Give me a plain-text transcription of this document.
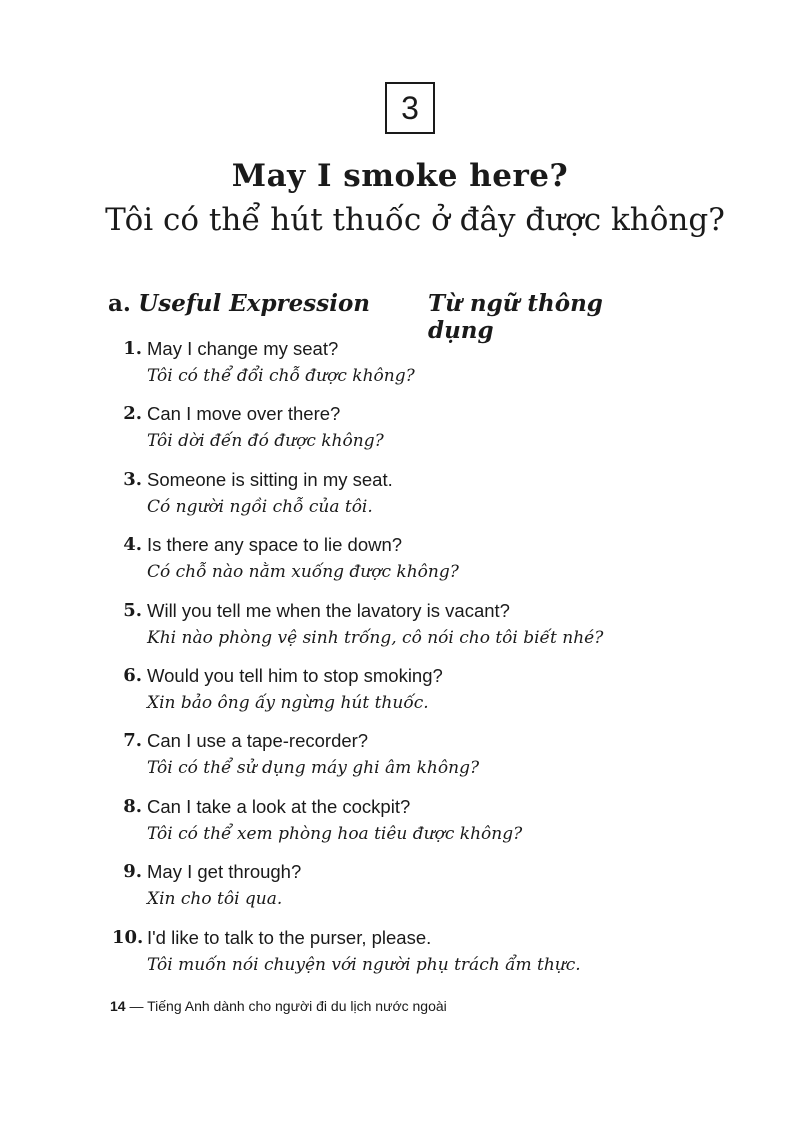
3
May I smoke here?
Tôi có thể hút thuốc ở đây được không?
a. Useful Expression	Từ ngữ thông dụng
1. May I change my seat?
Tôi có thể đổi chỗ được không?
2. Can I move over there?
Tôi dời đến đó được không?
3. Someone is sitting in my seat.
Có người ngồi chỗ của tôi.
4. Is there any space to lie down?
Có chỗ nào nằm xuống được không?
5. Will you tell me when the lavatory is vacant?
Khi nào phòng vệ sinh trống, cô nói cho tôi biết nhé?
6. Would you tell him to stop smoking?
Xin bảo ông ấy ngừng hút thuốc.
7. Can I use a tape-recorder?
Tôi có thể sử dụng máy ghi âm không?
8. Can I take a look at the cockpit?
Tôi có thể xem phòng hoa tiêu được không?
9. May I get through?
Xin cho tôi qua.
10. I'd like to talk to the purser, please.
Tôi muốn nói chuyện với người phụ trách ẩm thực.
14 — Tiếng Anh dành cho người đi du lịch nước ngoài
